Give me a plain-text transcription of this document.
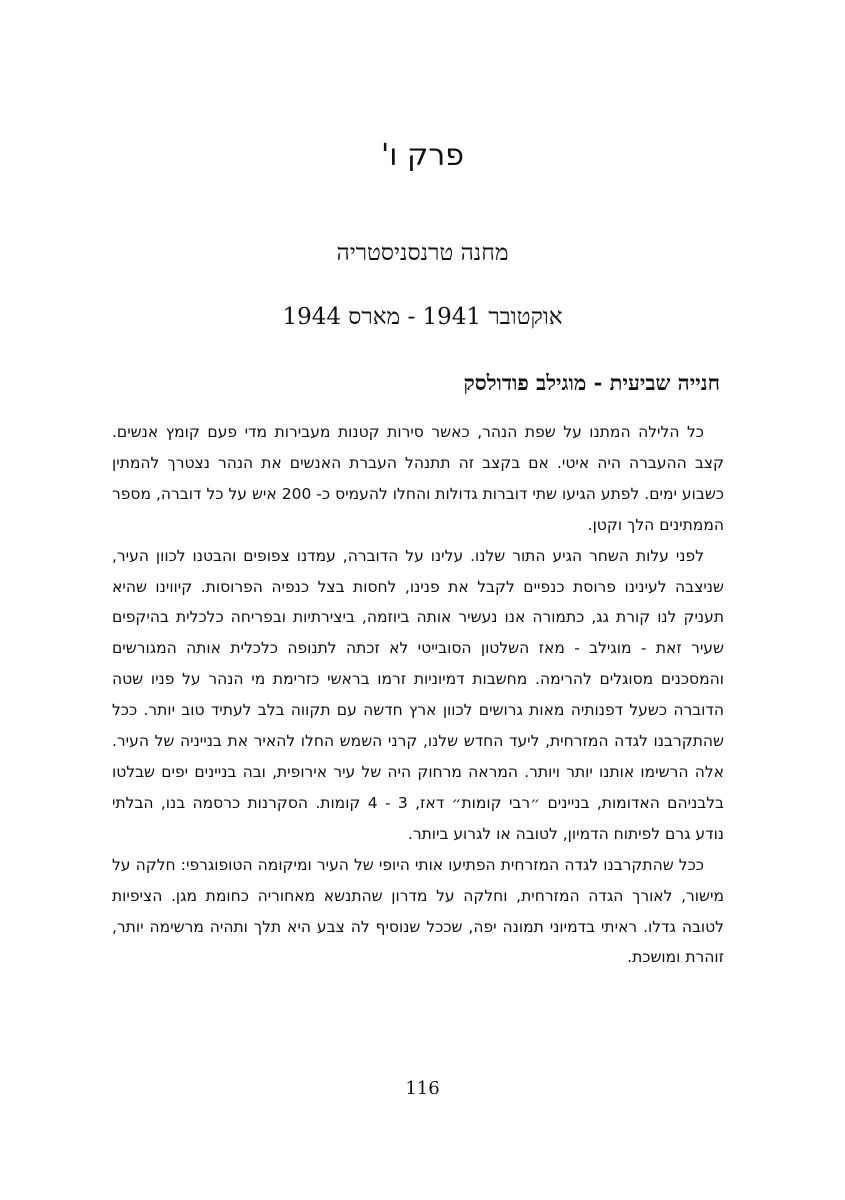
פרק ו'
מחנה טרנסניסטריה
אוקטובר 1941 - מארס 1944
חנייה שביעית - מוגילב פודולסק

כל הלילה המתנו על שפת הנהר, כאשר סירות קטנות מעבירות מדי פעם קומץ אנשים. קצב ההעברה היה איטי. אם בקצב זה תתנהל העברת האנשים את הנהר נצטרך להמתין כשבוע ימים. לפתע הגיעו שתי דוברות גדולות והחלו להעמיס כ- 200 איש על כל דוברה, מספר הממתינים הלך וקטן.

לפני עלות השחר הגיע התור שלנו. עלינו על הדוברה, עמדנו צפופים והבטנו לכוון העיר, שניצבה לעינינו פרוסת כנפיים לקבל את פנינו, לחסות בצל כנפיה הפרוסות. קיווינו שהיא תעניק לנו קורת גג, כתמורה אנו נעשיר אותה ביוזמה, ביצירתיות ובפריחה כלכלית בהיקפים שעיר זאת - מוגילב - מאז השלטון הסובייטי לא זכתה לתנופה כלכלית אותה המגורשים והמסכנים מסוגלים להרימה. מחשבות דמיוניות זרמו בראשי כזרימת מי הנהר על פניו שטה הדוברה כשעל דפנותיה מאות גרושים לכוון ארץ חדשה עם תקווה בלב לעתיד טוב יותר. ככל שהתקרבנו לגדה המזרחית, ליעד החדש שלנו, קרני השמש החלו להאיר את בנייניה של העיר. אלה הרשימו אותנו יותר ויותר. המראה מרחוק היה של עיר אירופית, ובה בניינים יפים שבלטו בלבניהם האדומות, בניינים ״רבי קומות״ דאז, 3 - 4 קומות. הסקרנות כרסמה בנו, הבלתי נודע גרם לפיתוח הדמיון, לטובה או לגרוע ביותר.

ככל שהתקרבנו לגדה המזרחית הפתיעו אותי היופי של העיר ומיקומה הטופוגרפי: חלקה על מישור, לאורך הגדה המזרחית, וחלקה על מדרון שהתנשא מאחוריה כחומת מגן. הציפיות לטובה גדלו. ראיתי בדמיוני תמונה יפה, שככל שנוסיף לה צבע היא תלך ותהיה מרשימה יותר, זוהרת ומושכת.

116
